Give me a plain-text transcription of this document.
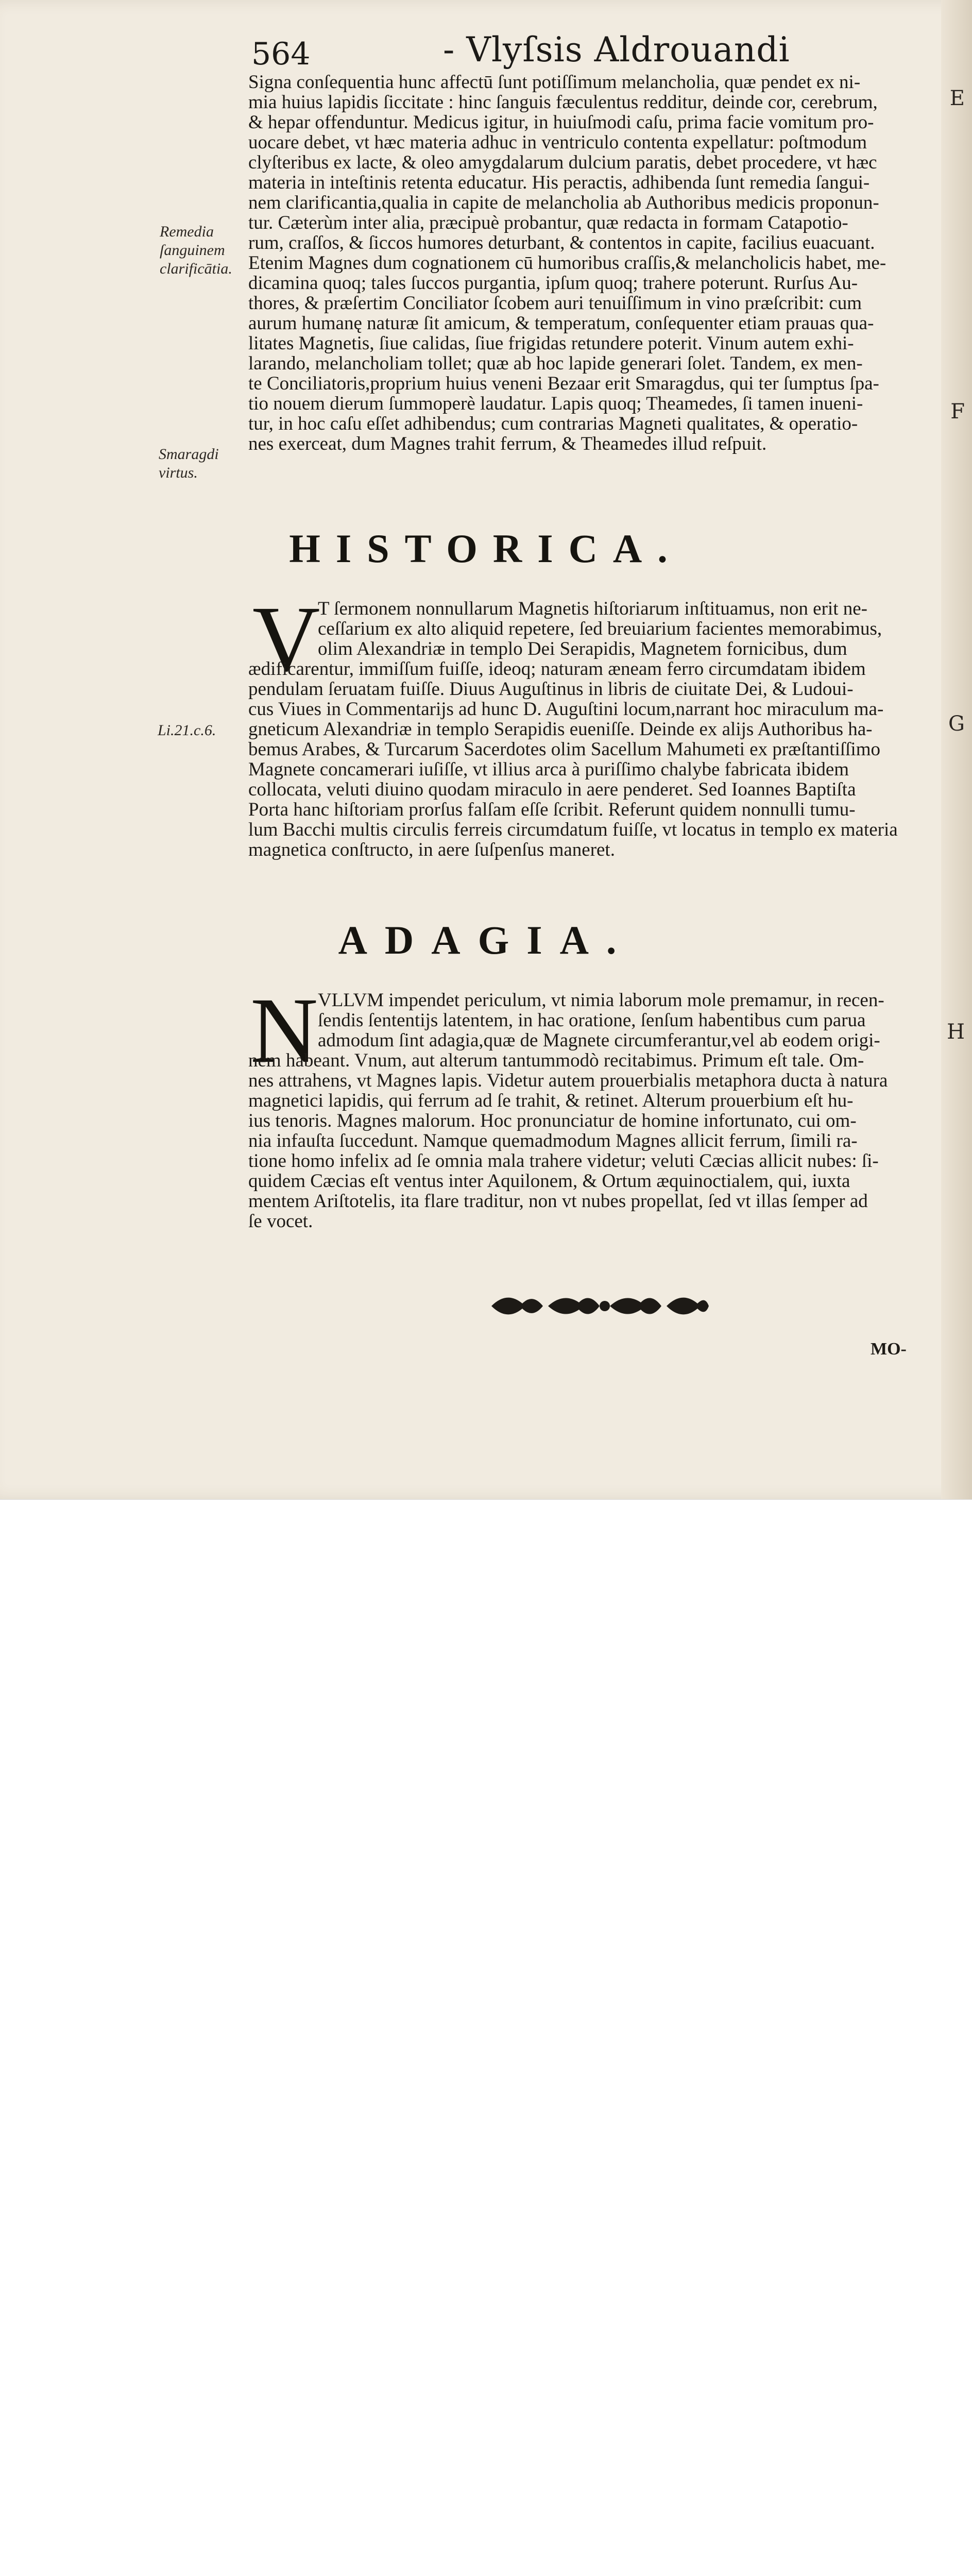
E
F
G
H
564	- Vlyſsis Aldrouandi
Remedia
ſanguinem
clarificātia.
Smaragdi
virtus.
Li.21.c.6.
Signa conſequentia hunc affectū ſunt potiſſimum melancholia, quæ pendet ex ni-
mia huius lapidis ſiccitate : hinc ſanguis fæculentus redditur, deinde cor, cerebrum,
& hepar offenduntur. Medicus igitur, in huiuſmodi caſu, prima facie vomitum pro-
uocare debet, vt hæc materia adhuc in ventriculo contenta expellatur: poſtmodum
clyſteribus ex lacte, & oleo amygdalarum dulcium paratis, debet procedere, vt hæc
materia in inteſtinis retenta educatur. His peractis, adhibenda ſunt remedia ſangui-
nem clarificantia,qualia in capite de melancholia ab Authoribus medicis proponun-
tur. Cæterùm inter alia, præcipuè probantur, quæ redacta in formam Catapotio-
rum, craſſos, & ſiccos humores deturbant, & contentos in capite, facilius euacuant.
Etenim Magnes dum cognationem cū humoribus craſſis,& melancholicis habet, me-
dicamina quoq; tales ſuccos purgantia, ipſum quoq; trahere poterunt. Rurſus Au-
thores, & præſertim Conciliator ſcobem auri tenuiſſimum in vino præſcribit: cum
aurum humanę naturæ ſit amicum, & temperatum, conſequenter etiam prauas qua-
litates Magnetis, ſiue calidas, ſiue frigidas retundere poterit. Vinum autem exhi-
larando, melancholiam tollet; quæ ab hoc lapide generari ſolet. Tandem, ex men-
te Conciliatoris,proprium huius veneni Bezaar erit Smaragdus, qui ter ſumptus ſpa-
tio nouem dierum ſummoperè laudatur. Lapis quoq; Theamedes, ſi tamen inueni-
tur, in hoc caſu eſſet adhibendus; cum contrarias Magneti qualitates, & operatio-
nes exerceat, dum Magnes trahit ferrum, & Theamedes illud reſpuit.
HISTORICA.
V
T ſermonem nonnullarum Magnetis hiſtoriarum inſtituamus, non erit ne-
ceſſarium ex alto aliquid repetere, ſed breuiarium facientes memorabimus,
olim Alexandriæ in templo Dei Serapidis, Magnetem fornicibus, dum
ædificarentur, immiſſum fuiſſe, ideoq; naturam æneam ferro circumdatam ibidem
pendulam ſeruatam fuiſſe. Diuus Auguſtinus in libris de ciuitate Dei, & Ludoui-
cus Viues in Commentarijs ad hunc D. Auguſtini locum,narrant hoc miraculum ma-
gneticum Alexandriæ in templo Serapidis eueniſſe. Deinde ex alijs Authoribus ha-
bemus Arabes, & Turcarum Sacerdotes olim Sacellum Mahumeti ex præſtantiſſimo
Magnete concamerari iuſiſſe, vt illius arca à puriſſimo chalybe fabricata ibidem
collocata, veluti diuino quodam miraculo in aere penderet. Sed Ioannes Baptiſta
Porta hanc hiſtoriam prorſus falſam eſſe ſcribit. Referunt quidem nonnulli tumu-
lum Bacchi multis circulis ferreis circumdatum fuiſſe, vt locatus in templo ex materia
magnetica conſtructo, in aere ſuſpenſus maneret.
ADAGIA.
N VLLVM impendet periculum, vt nimia laborum mole premamur, in recen-
ſendis ſententijs latentem, in hac oratione, ſenſum habentibus cum parua
admodum ſint adagia,quæ de Magnete circumferantur,vel ab eodem origi-
nem habeant. Vnum, aut alterum tantummodò recitabimus. Primum eſt tale. Om-
nes attrahens, vt Magnes lapis. Videtur autem prouerbialis metaphora ducta à natura
magnetici lapidis, qui ferrum ad ſe trahit, & retinet. Alterum prouerbium eſt hu-
ius tenoris. Magnes malorum. Hoc pronunciatur de homine infortunato, cui om-
nia infauſta ſuccedunt. Namque quemadmodum Magnes allicit ferrum, ſimili ra-
tione homo infelix ad ſe omnia mala trahere videtur; veluti Cæcias allicit nubes: ſi-
quidem Cæcias eſt ventus inter Aquilonem, & Ortum æquinoctialem, qui, iuxta
mentem Ariſtotelis, ita flare traditur, non vt nubes propellat, ſed vt illas ſemper ad
ſe vocet.
MO-
